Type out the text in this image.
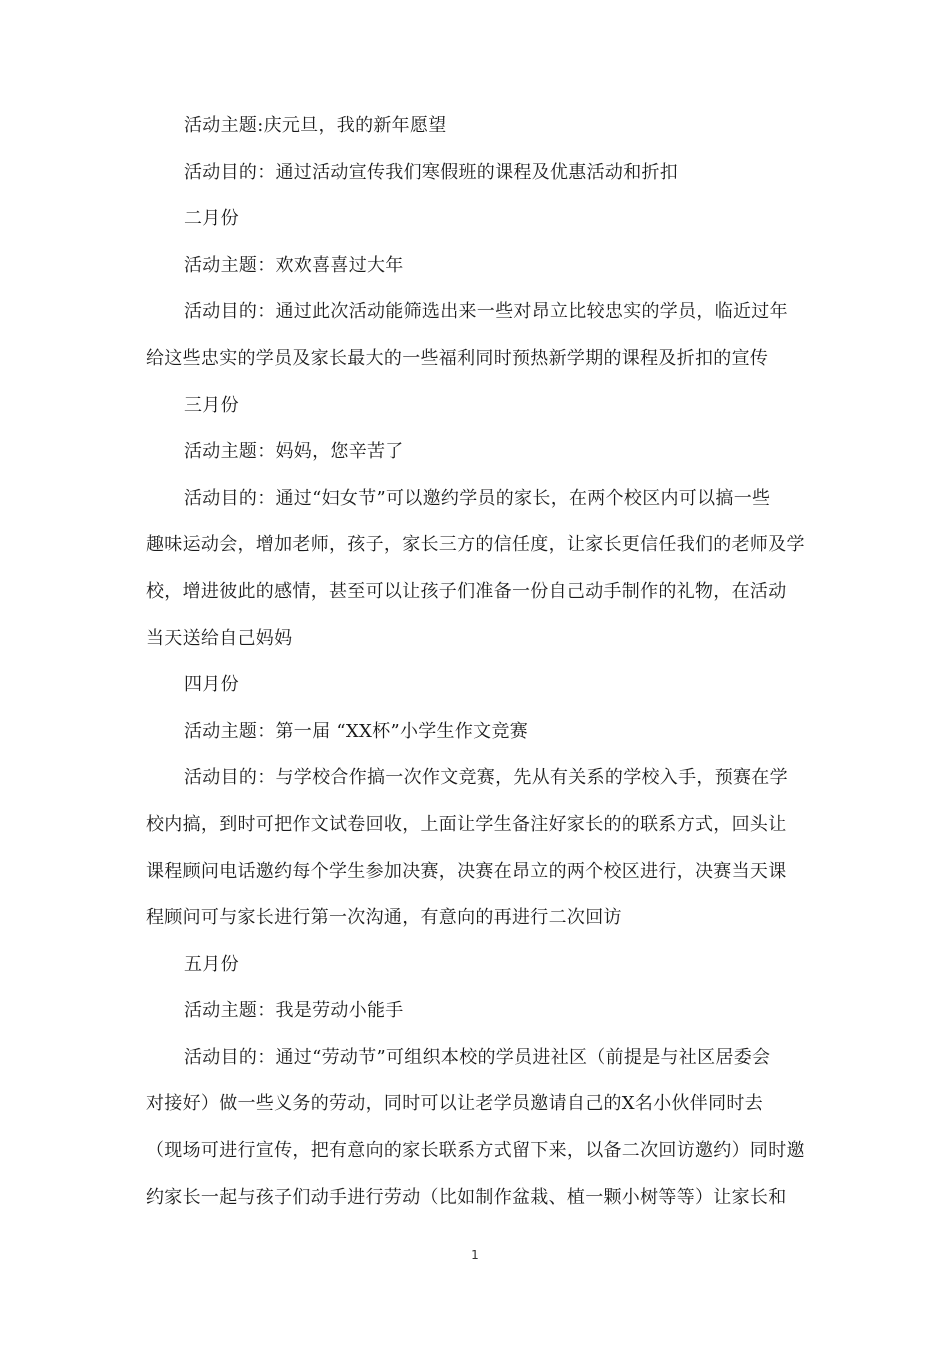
活动主题:庆元旦，我的新年愿望
活动目的：通过活动宣传我们寒假班的课程及优惠活动和折扣
二月份
活动主题：欢欢喜喜过大年
活动目的：通过此次活动能筛选出来一些对昂立比较忠实的学员，临近过年
给这些忠实的学员及家长最大的一些福利同时预热新学期的课程及折扣的宣传
三月份
活动主题：妈妈，您辛苦了
活动目的：通过“妇女节”可以邀约学员的家长，在两个校区内可以搞一些
趣味运动会，增加老师，孩子，家长三方的信任度，让家长更信任我们的老师及学
校，增进彼此的感情，甚至可以让孩子们准备一份自己动手制作的礼物，在活动
当天送给自己妈妈
四月份
活动主题：第一届 “XX杯”小学生作文竞赛
活动目的：与学校合作搞一次作文竞赛，先从有关系的学校入手，预赛在学
校内搞，到时可把作文试卷回收，上面让学生备注好家长的的联系方式，回头让
课程顾问电话邀约每个学生参加决赛，决赛在昂立的两个校区进行，决赛当天课
程顾问可与家长进行第一次沟通，有意向的再进行二次回访
五月份
活动主题：我是劳动小能手
活动目的：通过“劳动节”可组织本校的学员进社区（前提是与社区居委会
对接好）做一些义务的劳动，同时可以让老学员邀请自己的X名小伙伴同时去
（现场可进行宣传，把有意向的家长联系方式留下来，以备二次回访邀约）同时邀
约家长一起与孩子们动手进行劳动（比如制作盆栽、植一颗小树等等）让家长和
1
